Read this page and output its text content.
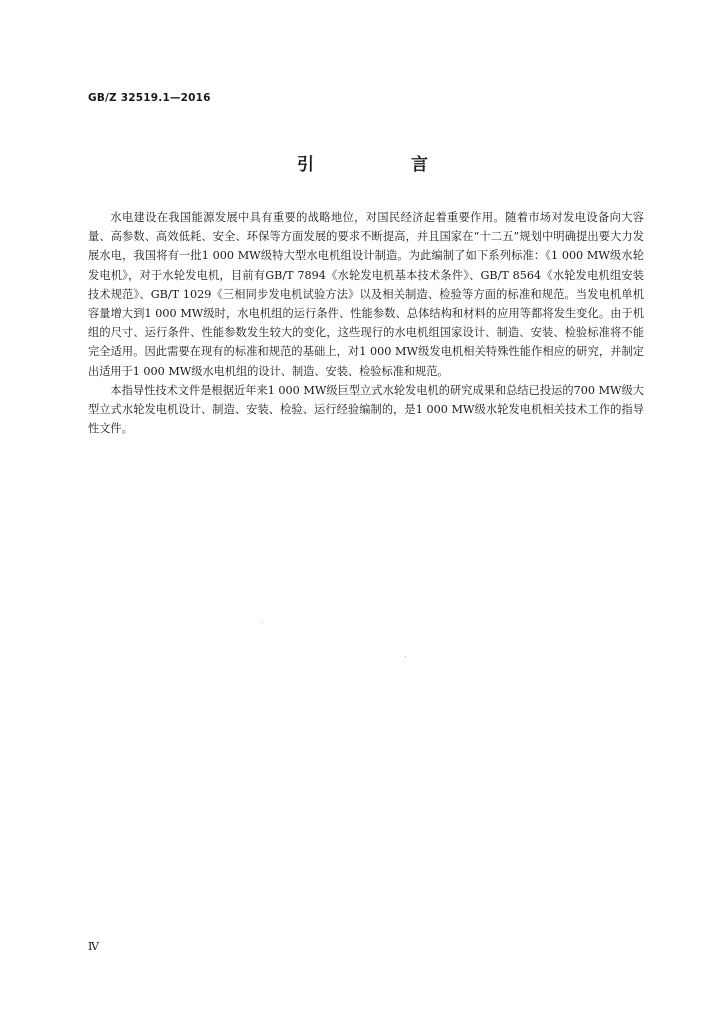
GB/Z 32519.1—2016
引　言

水电建设在我国能源发展中具有重要的战略地位，对国民经济起着重要作用。随着市场对发电设备向大容量、高参数、高效低耗、安全、环保等方面发展的要求不断提高，并且国家在“十二五”规划中明确提出要大力发展水电，我国将有一批1 000 MW级特大型水电机组设计制造。为此编制了如下系列标准：《1 000 MW级水轮发电机》，对于水轮发电机，目前有GB/T 7894《水轮发电机基本技术条件》、GB/T 8564《水轮发电机组安装技术规范》、GB/T 1029《三相同步发电机试验方法》以及相关制造、检验等方面的标准和规范。当发电机单机容量增大到1 000 MW级时，水电机组的运行条件、性能参数、总体结构和材料的应用等都将发生变化。由于机组的尺寸、运行条件、性能参数发生较大的变化，这些现行的水电机组国家设计、制造、安装、检验标准将不能完全适用。因此需要在现有的标准和规范的基础上，对1 000 MW级发电机相关特殊性能作相应的研究，并制定出适用于1 000 MW级水电机组的设计、制造、安装、检验标准和规范。

本指导性技术文件是根据近年来1 000 MW级巨型立式水轮发电机的研究成果和总结已投运的700 MW级大型立式水轮发电机设计、制造、安装、检验、运行经验编制的，是1 000 MW级水轮发电机相关技术工作的指导性文件。

Ⅳ
